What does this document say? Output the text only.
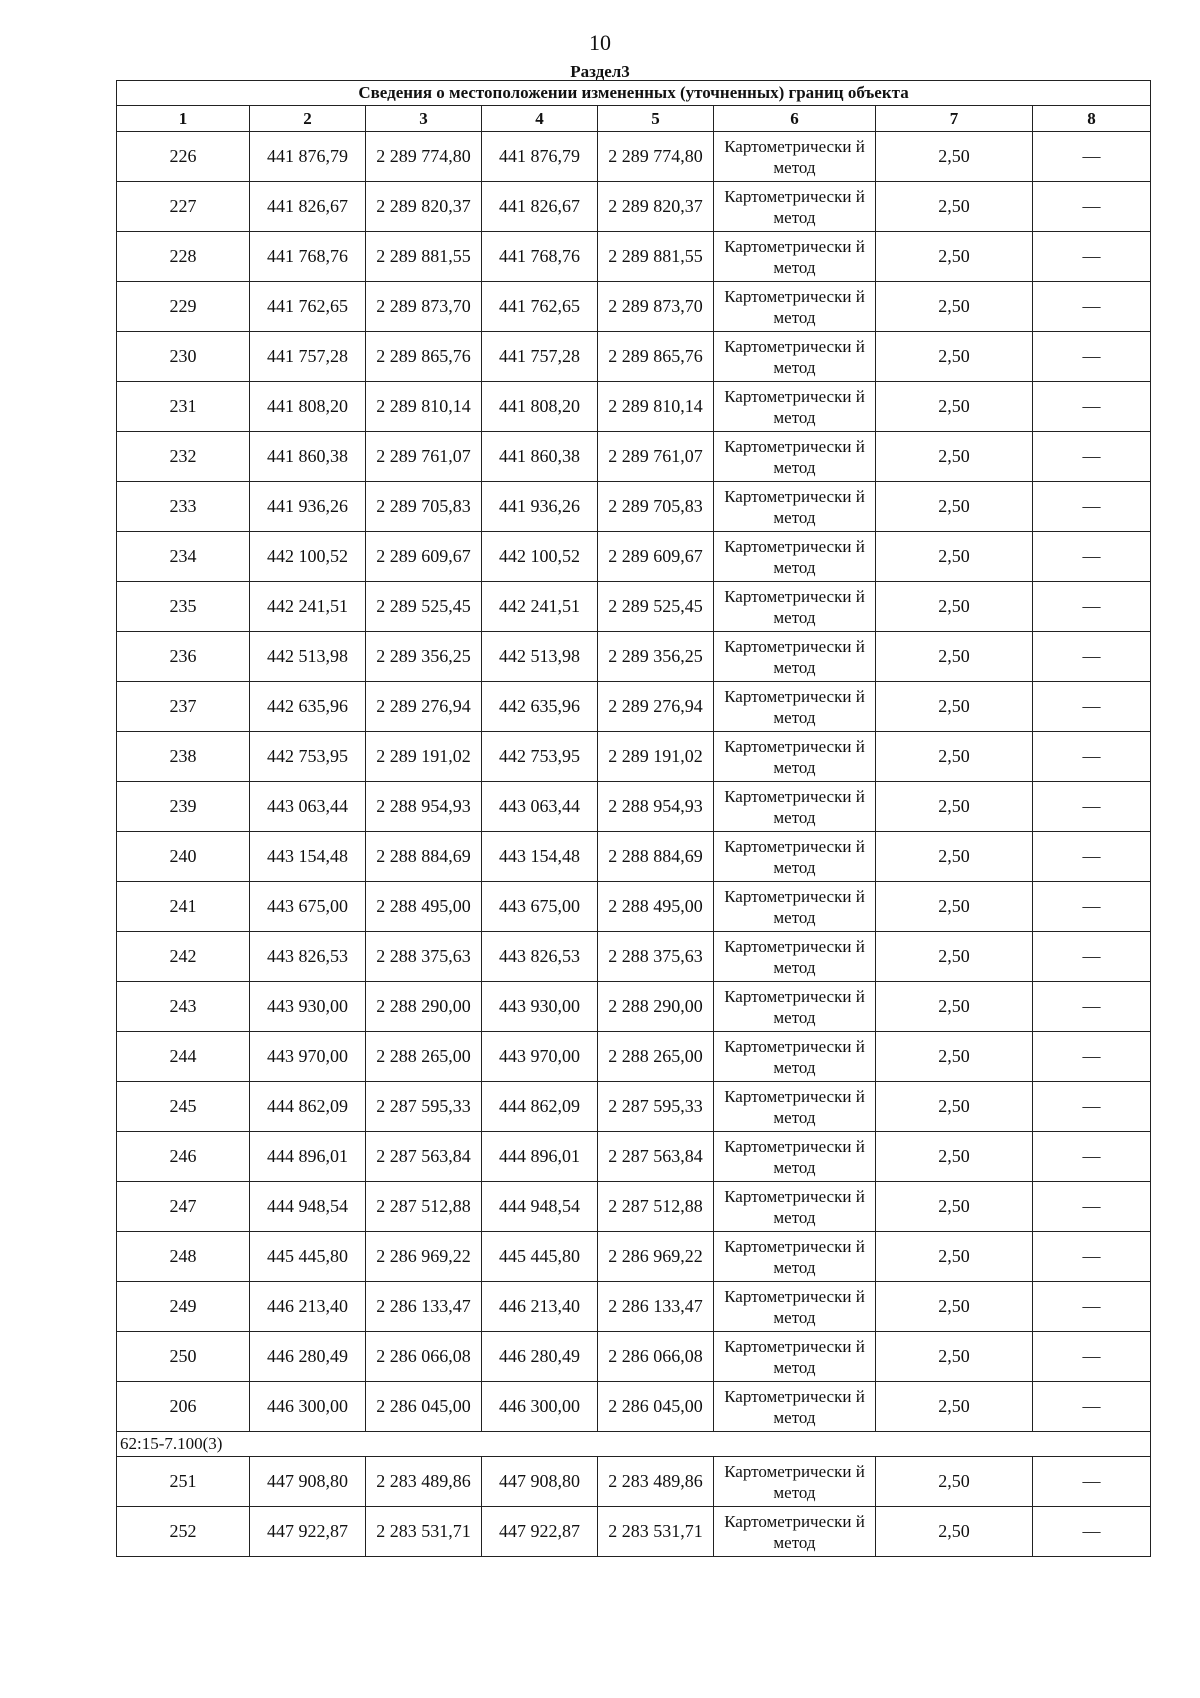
10
Раздел3
Сведения о местоположении измененных (уточненных) границ объекта							
1	2	3	4	5	6	7	8
226	441 876,79	2 289 774,80	441 876,79	2 289 774,80	Картометрически й метод	2,50	—
227	441 826,67	2 289 820,37	441 826,67	2 289 820,37	Картометрически й метод	2,50	—
228	441 768,76	2 289 881,55	441 768,76	2 289 881,55	Картометрически й метод	2,50	—
229	441 762,65	2 289 873,70	441 762,65	2 289 873,70	Картометрически й метод	2,50	—
230	441 757,28	2 289 865,76	441 757,28	2 289 865,76	Картометрически й метод	2,50	—
231	441 808,20	2 289 810,14	441 808,20	2 289 810,14	Картометрически й метод	2,50	—
232	441 860,38	2 289 761,07	441 860,38	2 289 761,07	Картометрически й метод	2,50	—
233	441 936,26	2 289 705,83	441 936,26	2 289 705,83	Картометрически й метод	2,50	—
234	442 100,52	2 289 609,67	442 100,52	2 289 609,67	Картометрически й метод	2,50	—
235	442 241,51	2 289 525,45	442 241,51	2 289 525,45	Картометрически й метод	2,50	—
236	442 513,98	2 289 356,25	442 513,98	2 289 356,25	Картометрически й метод	2,50	—
237	442 635,96	2 289 276,94	442 635,96	2 289 276,94	Картометрически й метод	2,50	—
238	442 753,95	2 289 191,02	442 753,95	2 289 191,02	Картометрически й метод	2,50	—
239	443 063,44	2 288 954,93	443 063,44	2 288 954,93	Картометрически й метод	2,50	—
240	443 154,48	2 288 884,69	443 154,48	2 288 884,69	Картометрически й метод	2,50	—
241	443 675,00	2 288 495,00	443 675,00	2 288 495,00	Картометрически й метод	2,50	—
242	443 826,53	2 288 375,63	443 826,53	2 288 375,63	Картометрически й метод	2,50	—
243	443 930,00	2 288 290,00	443 930,00	2 288 290,00	Картометрически й метод	2,50	—
244	443 970,00	2 288 265,00	443 970,00	2 288 265,00	Картометрически й метод	2,50	—
245	444 862,09	2 287 595,33	444 862,09	2 287 595,33	Картометрически й метод	2,50	—
246	444 896,01	2 287 563,84	444 896,01	2 287 563,84	Картометрически й метод	2,50	—
247	444 948,54	2 287 512,88	444 948,54	2 287 512,88	Картометрически й метод	2,50	—
248	445 445,80	2 286 969,22	445 445,80	2 286 969,22	Картометрически й метод	2,50	—
249	446 213,40	2 286 133,47	446 213,40	2 286 133,47	Картометрически й метод	2,50	—
250	446 280,49	2 286 066,08	446 280,49	2 286 066,08	Картометрически й метод	2,50	—
206	446 300,00	2 286 045,00	446 300,00	2 286 045,00	Картометрически й метод	2,50	—
62:15-7.100(3)							
251	447 908,80	2 283 489,86	447 908,80	2 283 489,86	Картометрически й метод	2,50	—
252	447 922,87	2 283 531,71	447 922,87	2 283 531,71	Картометрически й метод	2,50	—
